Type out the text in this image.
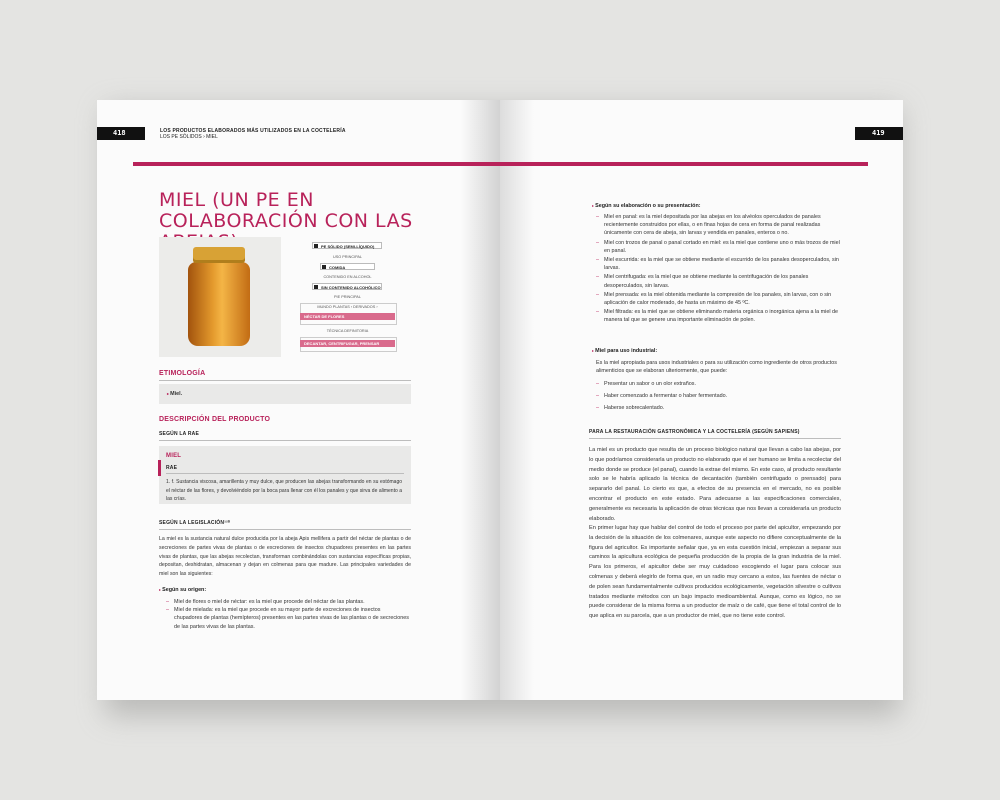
418	419
LOS PRODUCTOS ELABORADOS MÁS UTILIZADOS EN LA COCTELERÍA
LOS PE SÓLIDOS › MIEL
MIEL (UN PE EN COLABORACIÓN CON LAS
PE SÓLIDO (SEMI-LÍQUIDO)
USO PRINCIPAL
COMIDA
CONTENIDO EN ALCOHOL
SIN CONTENIDO ALCOHÓLICO
PIE PRINCIPAL
MUNDO PLANTAS › DERIVADOS ›
NÉCTAR DE FLORES
TÉCNICA DEFINITORIA
DECANTAR, CENTRIFUGAR, PRENSAR
ETIMOLOGÍA
▸ Miel.
DESCRIPCIÓN DEL PRODUCTO
SEGÚN LA RAE
MIEL
RAE
1. f. Sustancia viscosa, amarillenta y muy dulce, que producen las abejas transformando en su estómago el néctar de las flores, y devolviéndolo por la boca para llenar con él los panales y que sirva de alimento a las crías.
SEGÚN LA LEGISLACIÓN¹²⁰
La miel es la sustancia natural dulce producida por la abeja Apis mellifera a partir del néctar de plantas o de secreciones de partes vivas de plantas o de excreciones de insectos chupadores presentes en las partes vivas de plantas, que las abejas recolectan, transforman combinándolas con sustancias específicas propias, depositan, deshidratan, almacenan y dejan en colmenas para que madure. Las principales variedades de miel son las siguientes:
▸ Según su origen:
– Miel de flores o miel de néctar: es la miel que procede del néctar de las plantas.
– Miel de mielada: es la miel que procede en su mayor parte de excreciones de insectos chupadores de plantas (hemípteros) presentes en las partes vivas de las plantas o de secreciones de las partes vivas de las plantas.
▸ Según su elaboración o su presentación:
– Miel en panal: es la miel depositada por las abejas en los alvéolos operculados de panales recientemente construidos por ellas, o en finas hojas de cera en forma de panal realizadas únicamente con cera de abeja, sin larvas y vendida en panales, enteros o no.
– Miel con trozos de panal o panal cortado en miel: es la miel que contiene uno o más trozos de miel en panal.
– Miel escurrida: es la miel que se obtiene mediante el escurrido de los panales desoperculados, sin larvas.
– Miel centrifugada: es la miel que se obtiene mediante la centrifugación de los panales desoperculados, sin larvas.
– Miel prensada: es la miel obtenida mediante la compresión de los panales, sin larvas, con o sin aplicación de calor moderado, de hasta un máximo de 45 ºC.
– Miel filtrada: es la miel que se obtiene eliminando materia orgánica o inorgánica ajena a la miel de manera tal que se genere una importante eliminación de polen.
▸ Miel para uso industrial:
Es la miel apropiada para usos industriales o para su utilización como ingrediente de otros productos alimenticios que se elaboran ulteriormente, que puede:
– Presentar un sabor o un olor extraños.
– Haber comenzado a fermentar o haber fermentado.
– Haberse sobrecalentado.
PARA LA RESTAURACIÓN GASTRONÓMICA Y LA COCTELERÍA (SEGÚN SAPIENS)
La miel es un producto que resulta de un proceso biológico natural que llevan a cabo las abejas, por lo que podríamos considerarla un producto no elaborado que el ser humano se limita a recolectar del medio donde se produce (el panal), cuando la extrae del mismo. En este caso, al producto resultante solo se le habría aplicado la técnica de decantación (también centrifugado o prensado) para separarlo del panal. Lo cierto es que, a efectos de su presencia en el mercado, no es posible encontrar el producto en este estado. Para adecuarse a las especificaciones comerciales, generalmente es necesaria la aplicación de otras técnicas que nos llevan a considerarla un producto elaborado.
En primer lugar hay que hablar del control de todo el proceso por parte del apicultor, empezando por la decisión de la situación de los colmenares, aunque este aspecto no difiere conceptualmente de la figura del agricultor. Es importante señalar que, ya en esta cuestión inicial, empiezan a separar sus caminos la apicultura ecológica de pequeña producción de la propia de la gran industria de la miel. Para los primeros, el apicultor debe ser muy cuidadoso escogiendo el lugar para colocar sus colmenas y deberá elegirlo de forma que, en un radio muy cercano a estos, las fuentes de néctar o de polen sean fundamentalmente cultivos producidos ecológicamente, vegetación silvestre o cultivos tratados mediante métodos con un bajo impacto medioambiental. Aunque, como es lógico, no se puede considerar de la misma forma a un productor de maíz o de café, que tiene el total control de lo que aplica en su parcela, que a un productor de miel, que no tiene este control.
